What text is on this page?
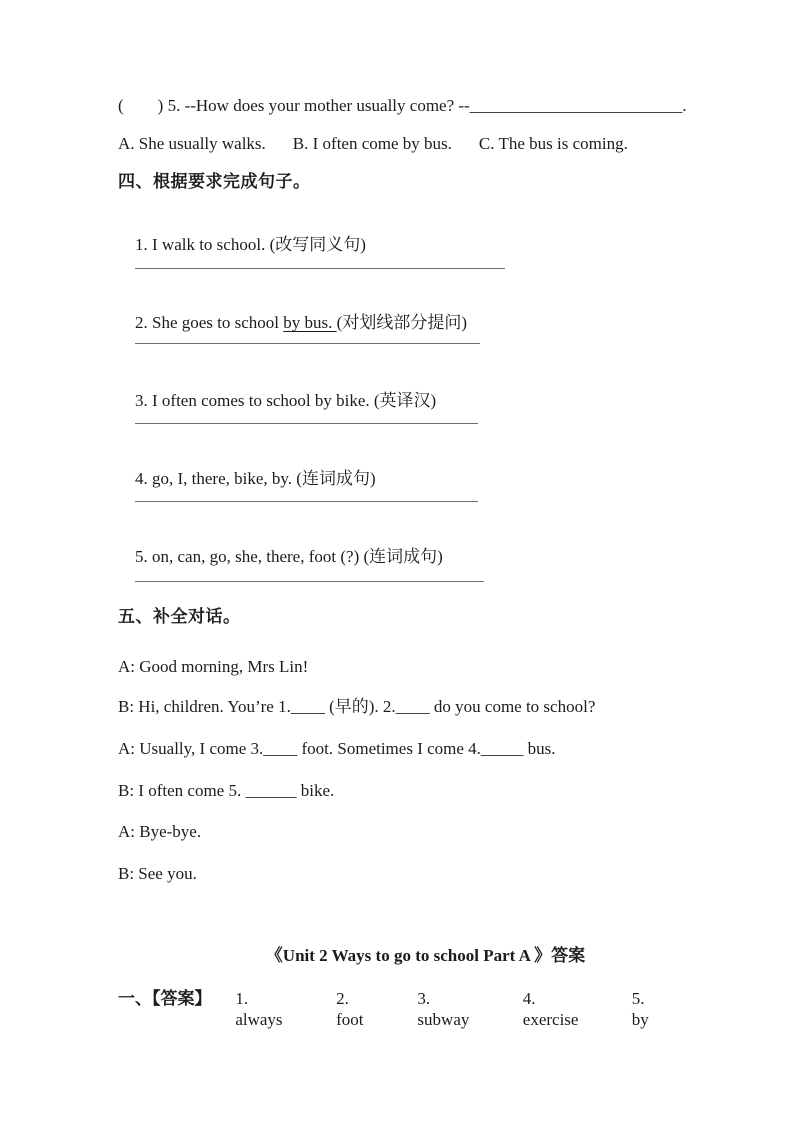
(        ) 5. --How does your mother usually come? --_________________________.
A. She usually walks. B. I often come by bus. C. The bus is coming.
四、根据要求完成句子。

1. I walk to school. (改写同义句)

2. She goes to school by bus. (对划线部分提问)

3. I often comes to school by bike. (英译汉)

4. go, I, there, bike, by. (连词成句)

5. on, can, go, she, there, foot (?) (连词成句)

五、补全对话。
A: Good morning, Mrs Lin!
B: Hi, children. You’re 1.____ (早的). 2.____ do you come to school?
A: Usually, I come 3.____ foot. Sometimes I come 4._____ bus.
B: I often come 5. ______ bike.
A: Bye-bye.
B: See you.
《Unit 2 Ways to go to school Part A 》答案
一、【答案】 1. always
2. foot
3. subway
4. exercise
5. by
